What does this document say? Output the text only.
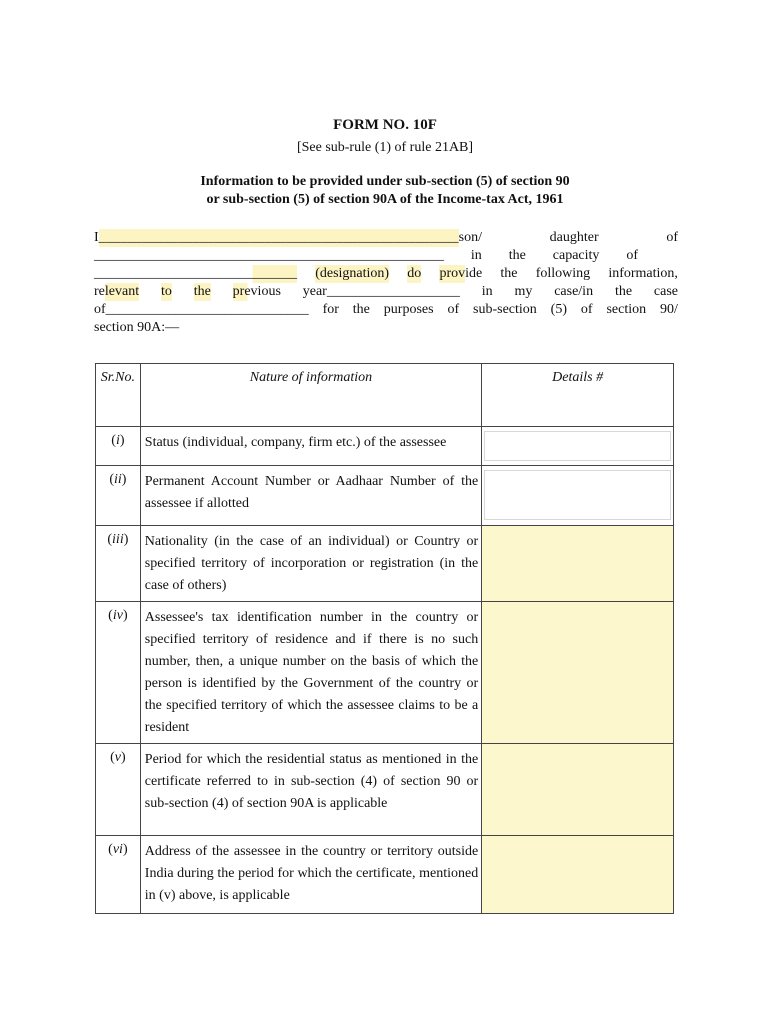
FORM NO. 10F
[See sub-rule (1) of rule 21AB]
Information to be provided under sub-section (5) of section 90
or sub-section (5) of section 90A of the Income-tax Act, 1961
I__________________________________________________son/	daughter	of
__________________________________________________ in the capacity of
_____________________________ (designation) do provide the following information,
relevant to the previous year___________________ in my case/in the case
of_____________________________ for the purposes of sub-section (5) of section 90/
section 90A:—
Sr.No.	Nature of information	Details #
(i)	Status (individual, company, firm etc.) of the assessee	

(ii)	Permanent Account Number or Aadhaar Number of the assessee if allotted	

(iii)	Nationality (in the case of an individual) or Country or specified territory of incorporation or registration (in the case of others)	
(iv)	Assessee's tax identification number in the country or specified territory of residence and if there is no such number, then, a unique number on the basis of which the person is identified by the Government of the country or the specified territory of which the assessee claims to be a resident	
(v)	Period for which the residential status as mentioned in the certificate referred to in sub-section (4) of section 90 or sub-section (4) of section 90A is applicable	
(vi)	Address of the assessee in the country or territory outside India during the period for which the certificate, mentioned in (v) above, is applicable	
